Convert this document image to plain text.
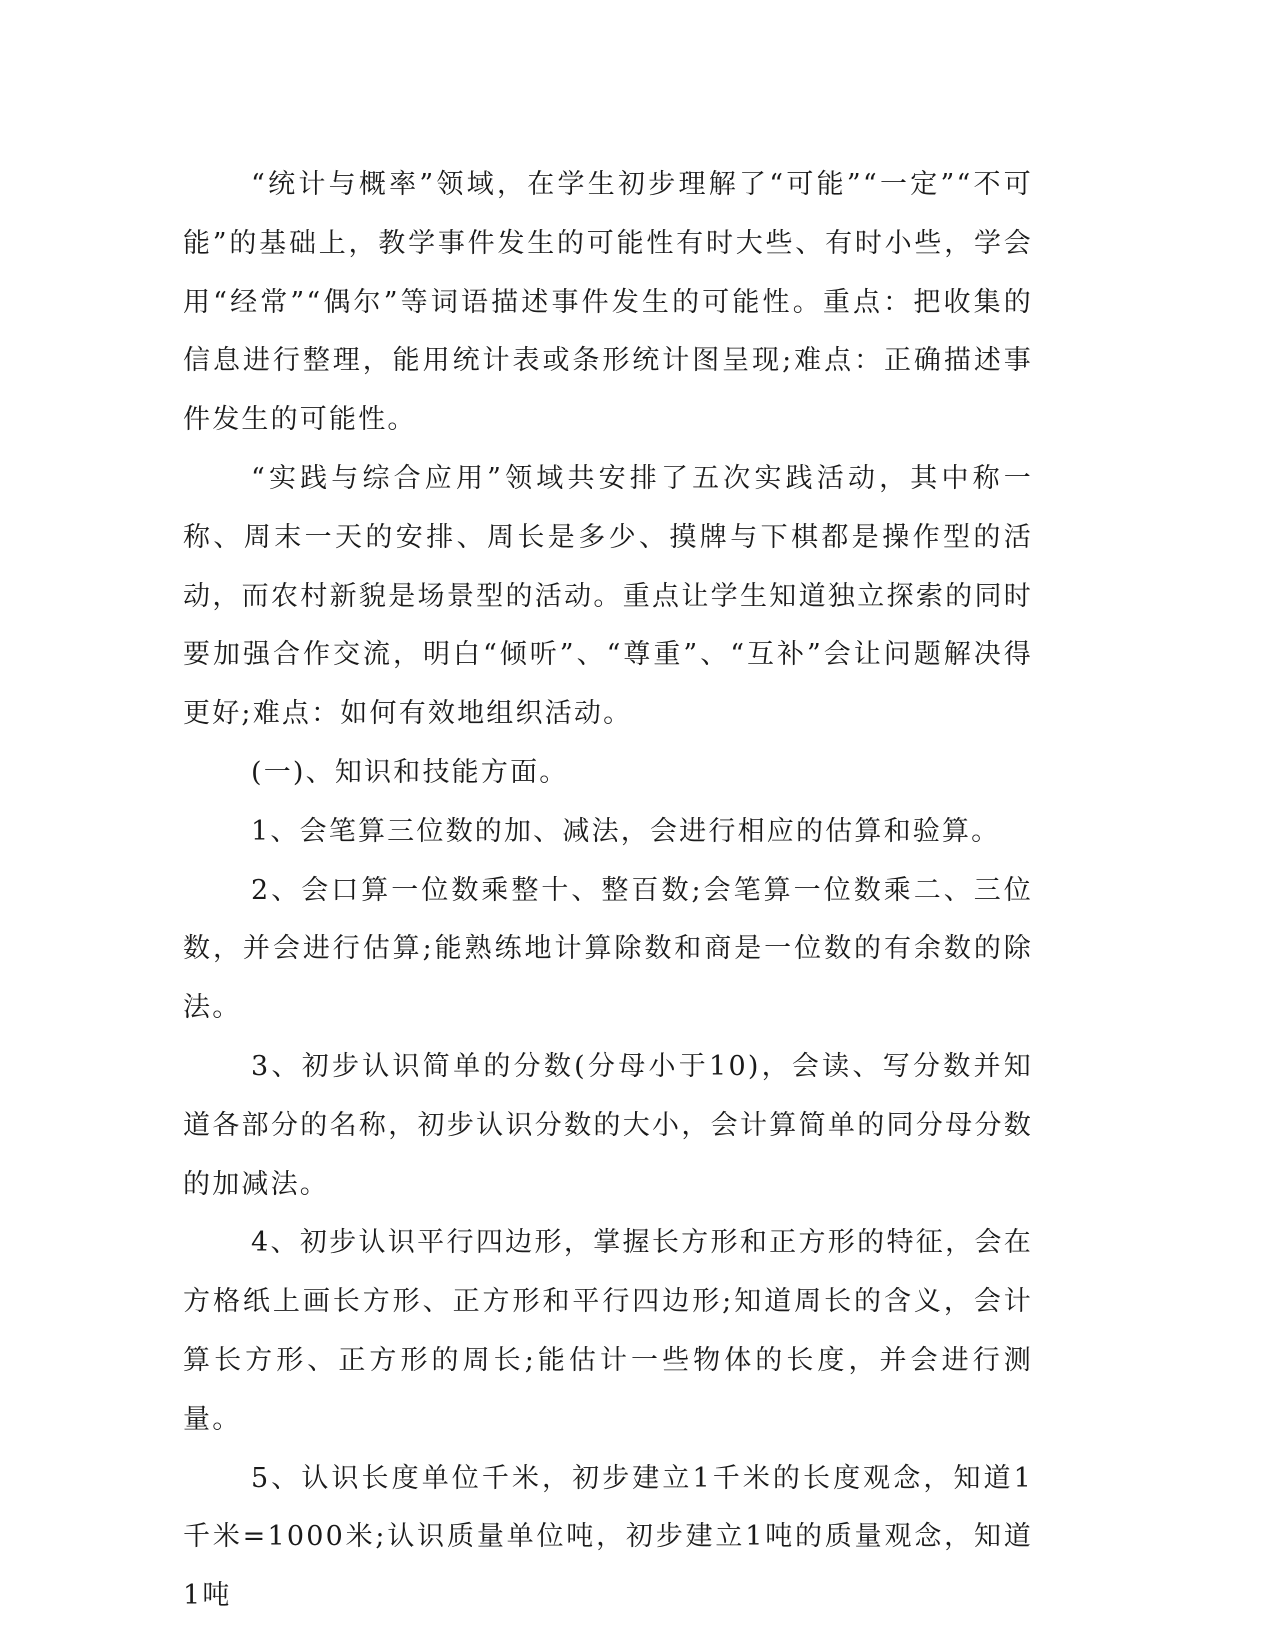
“统计与概率”领域，在学生初步理解了“可能”“一定”“不可能”的基础上，教学事件发生的可能性有时大些、有时小些，学会用“经常”“偶尔”等词语描述事件发生的可能性。重点：把收集的信息进行整理，能用统计表或条形统计图呈现;难点：正确描述事件发生的可能性。

“实践与综合应用”领域共安排了五次实践活动，其中称一称、周末一天的安排、周长是多少、摸牌与下棋都是操作型的活动，而农村新貌是场景型的活动。重点让学生知道独立探索的同时要加强合作交流，明白“倾听”、“尊重”、“互补”会让问题解决得更好;难点：如何有效地组织活动。

(一)、知识和技能方面。

1、会笔算三位数的加、减法，会进行相应的估算和验算。

2、会口算一位数乘整十、整百数;会笔算一位数乘二、三位数，并会进行估算;能熟练地计算除数和商是一位数的有余数的除法。

3、初步认识简单的分数(分母小于10)，会读、写分数并知道各部分的名称，初步认识分数的大小，会计算简单的同分母分数的加减法。

4、初步认识平行四边形，掌握长方形和正方形的特征，会在方格纸上画长方形、正方形和平行四边形;知道周长的含义，会计算长方形、正方形的周长;能估计一些物体的长度，并会进行测量。

5、认识长度单位千米，初步建立1千米的长度观念，知道1千米=1000米;认识质量单位吨，初步建立1吨的质量观念，知道1吨
